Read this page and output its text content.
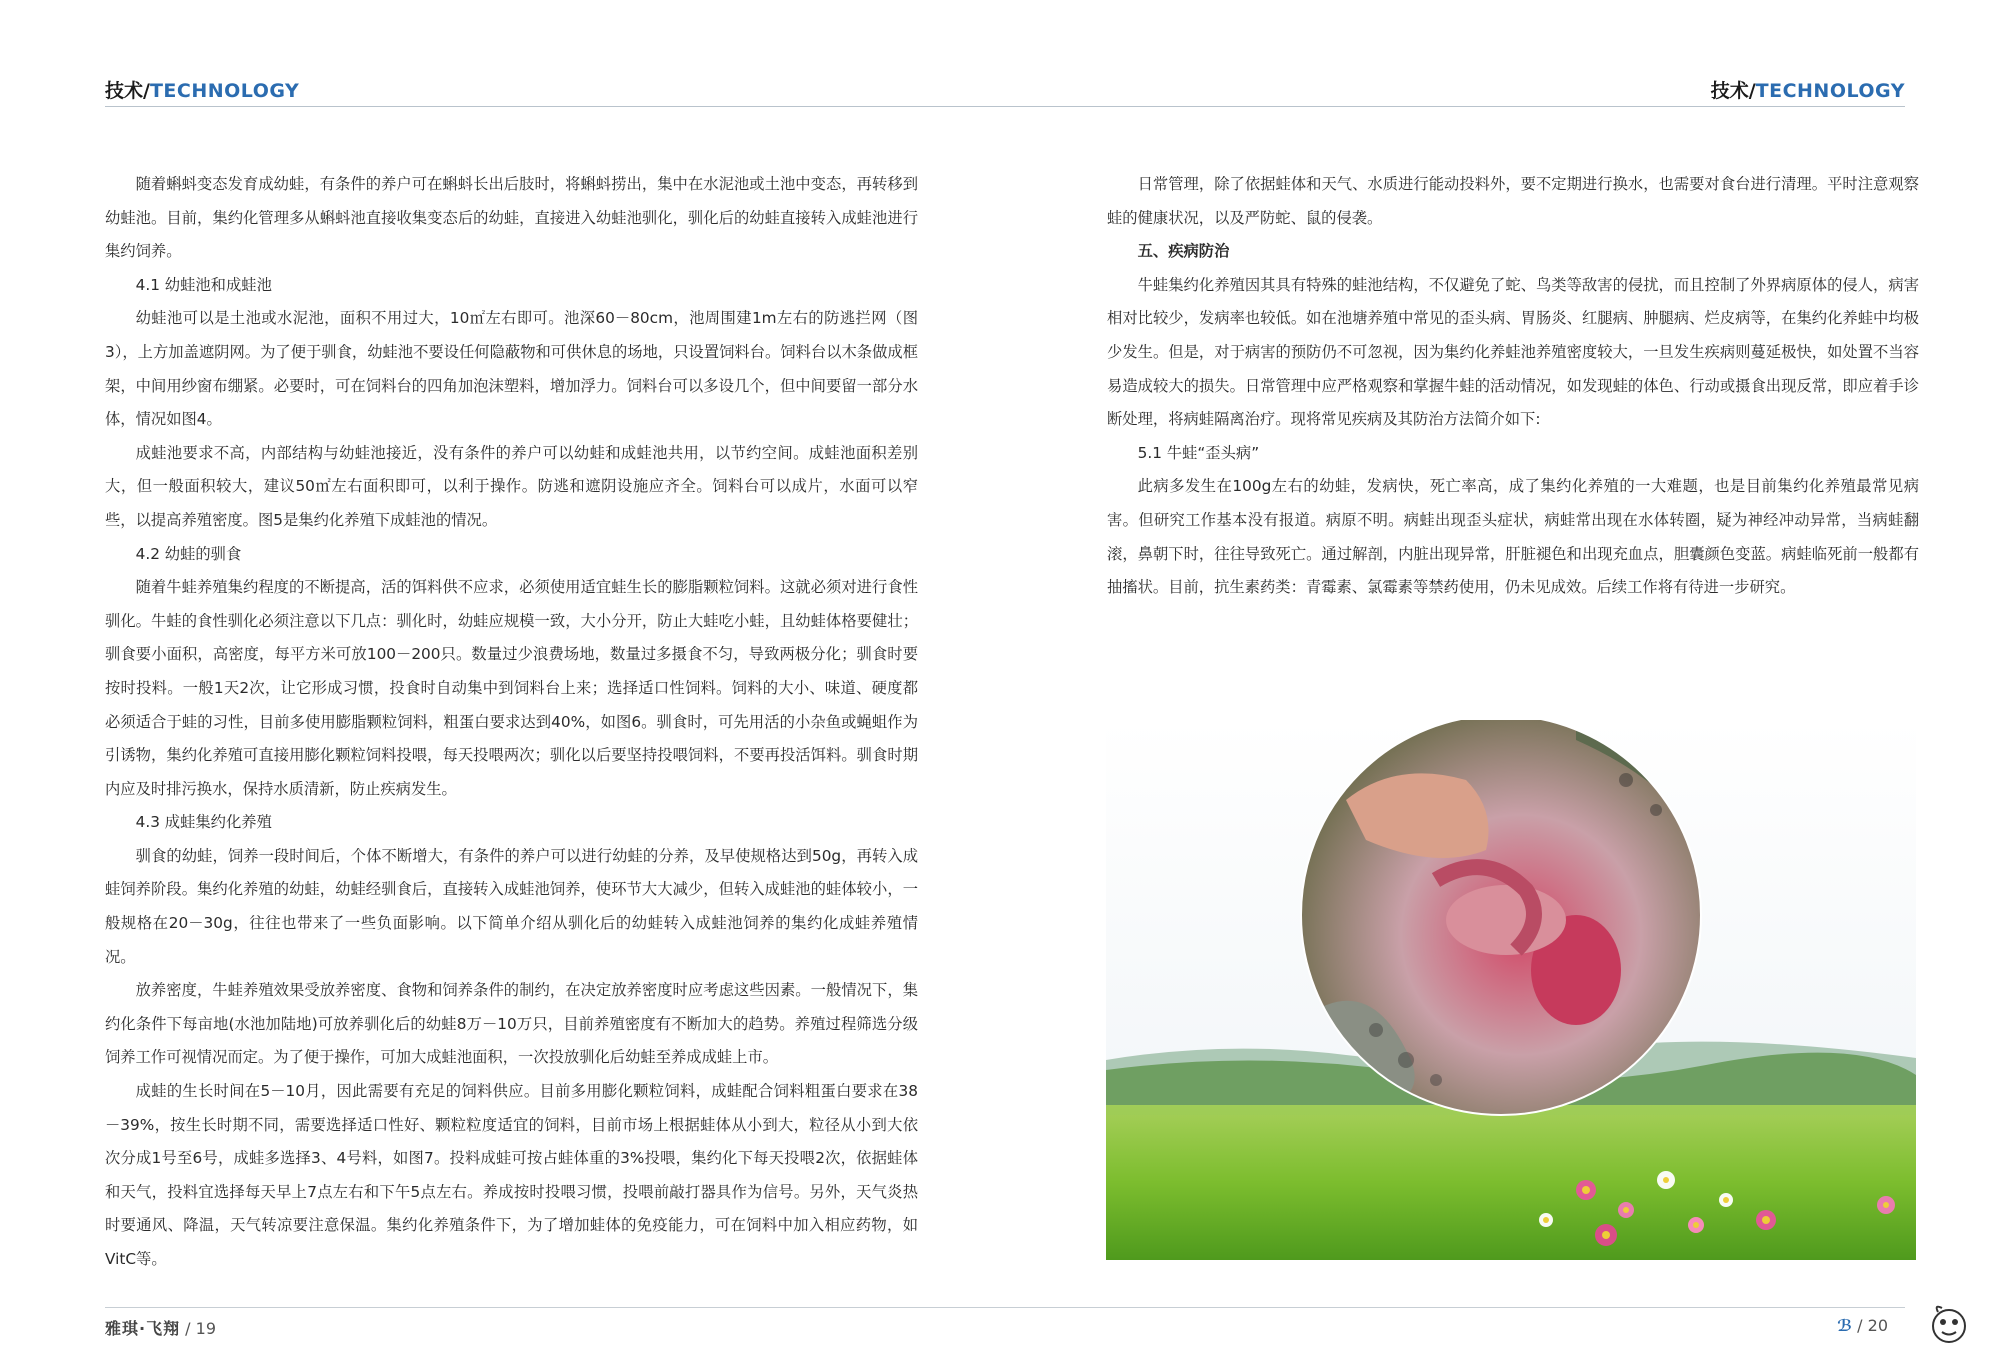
技术/TECHNOLOGY	技术/TECHNOLOGY

随着蝌蚪变态发育成幼蛙，有条件的养户可在蝌蚪长出后肢时，将蝌蚪捞出，集中在水泥池或土池中变态，再转移到幼蛙池。目前，集约化管理多从蝌蚪池直接收集变态后的幼蛙，直接进入幼蛙池驯化，驯化后的幼蛙直接转入成蛙池进行集约饲养。

4.1 幼蛙池和成蛙池

幼蛙池可以是土池或水泥池，面积不用过大，10㎡左右即可。池深60－80cm，池周围建1m左右的防逃拦网（图3），上方加盖遮阴网。为了便于驯食，幼蛙池不要设任何隐蔽物和可供休息的场地，只设置饲料台。饲料台以木条做成框架，中间用纱窗布绷紧。必要时，可在饲料台的四角加泡沫塑料，增加浮力。饲料台可以多设几个，但中间要留一部分水体，情况如图4。

成蛙池要求不高，内部结构与幼蛙池接近，没有条件的养户可以幼蛙和成蛙池共用，以节约空间。成蛙池面积差别大，但一般面积较大，建议50㎡左右面积即可，以利于操作。防逃和遮阴设施应齐全。饲料台可以成片，水面可以窄些，以提高养殖密度。图5是集约化养殖下成蛙池的情况。

4.2 幼蛙的驯食

随着牛蛙养殖集约程度的不断提高，活的饵料供不应求，必须使用适宜蛙生长的膨脂颗粒饲料。这就必须对进行食性驯化。牛蛙的食性驯化必须注意以下几点：驯化时，幼蛙应规模一致，大小分开，防止大蛙吃小蛙，且幼蛙体格要健壮；驯食要小面积，高密度，每平方米可放100－200只。数量过少浪费场地，数量过多摄食不匀，导致两极分化；驯食时要按时投料。一般1天2次，让它形成习惯，投食时自动集中到饲料台上来；选择适口性饲料。饲料的大小、味道、硬度都必须适合于蛙的习性，目前多使用膨脂颗粒饲料，粗蛋白要求达到40%，如图6。驯食时，可先用活的小杂鱼或蝇蛆作为引诱物，集约化养殖可直接用膨化颗粒饲料投喂，每天投喂两次；驯化以后要坚持投喂饲料，不要再投活饵料。驯食时期内应及时排污换水，保持水质清新，防止疾病发生。

4.3 成蛙集约化养殖

驯食的幼蛙，饲养一段时间后，个体不断增大，有条件的养户可以进行幼蛙的分养，及早使规格达到50g，再转入成蛙饲养阶段。集约化养殖的幼蛙，幼蛙经驯食后，直接转入成蛙池饲养，使环节大大减少，但转入成蛙池的蛙体较小，一般规格在20－30g，往往也带来了一些负面影响。以下简单介绍从驯化后的幼蛙转入成蛙池饲养的集约化成蛙养殖情况。

放养密度，牛蛙养殖效果受放养密度、食物和饲养条件的制约，在决定放养密度时应考虑这些因素。一般情况下，集约化条件下每亩地(水池加陆地)可放养驯化后的幼蛙8万－10万只，目前养殖密度有不断加大的趋势。养殖过程筛选分级饲养工作可视情况而定。为了便于操作，可加大成蛙池面积，一次投放驯化后幼蛙至养成成蛙上市。

成蛙的生长时间在5－10月，因此需要有充足的饲料供应。目前多用膨化颗粒饲料，成蛙配合饲料粗蛋白要求在38－39%，按生长时期不同，需要选择适口性好、颗粒粒度适宜的饲料，目前市场上根据蛙体从小到大，粒径从小到大依次分成1号至6号，成蛙多选择3、4号料，如图7。投料成蛙可按占蛙体重的3%投喂，集约化下每天投喂2次，依据蛙体和天气，投料宜选择每天早上7点左右和下午5点左右。养成按时投喂习惯，投喂前敲打器具作为信号。另外，天气炎热时要通风、降温，天气转凉要注意保温。集约化养殖条件下，为了增加蛙体的免疫能力，可在饲料中加入相应药物，如VitC等。

日常管理，除了依据蛙体和天气、水质进行能动投料外，要不定期进行换水，也需要对食台进行清理。平时注意观察蛙的健康状况，以及严防蛇、鼠的侵袭。

五、疾病防治

牛蛙集约化养殖因其具有特殊的蛙池结构，不仅避免了蛇、鸟类等敌害的侵扰，而且控制了外界病原体的侵人，病害相对比较少，发病率也较低。如在池塘养殖中常见的歪头病、胃肠炎、红腿病、肿腿病、烂皮病等，在集约化养蛙中均极少发生。但是，对于病害的预防仍不可忽视，因为集约化养蛙池养殖密度较大，一旦发生疾病则蔓延极快，如处置不当容易造成较大的损失。日常管理中应严格观察和掌握牛蛙的活动情况，如发现蛙的体色、行动或摄食出现反常，即应着手诊断处理，将病蛙隔离治疗。现将常见疾病及其防治方法简介如下:

5.1 牛蛙“歪头病”

此病多发生在100g左右的幼蛙，发病快，死亡率高，成了集约化养殖的一大难题，也是目前集约化养殖最常见病害。但研究工作基本没有报道。病原不明。病蛙出现歪头症状，病蛙常出现在水体转圈，疑为神经冲动异常，当病蛙翻滚，鼻朝下时，往往导致死亡。通过解剖，内脏出现异常，肝脏褪色和出现充血点，胆囊颜色变蓝。病蛙临死前一般都有抽搐状。目前，抗生素药类：青霉素、氯霉素等禁药使用，仍未见成效。后续工作将有待进一步研究。

雅琪·飞翔 / 19	ℬ / 20
